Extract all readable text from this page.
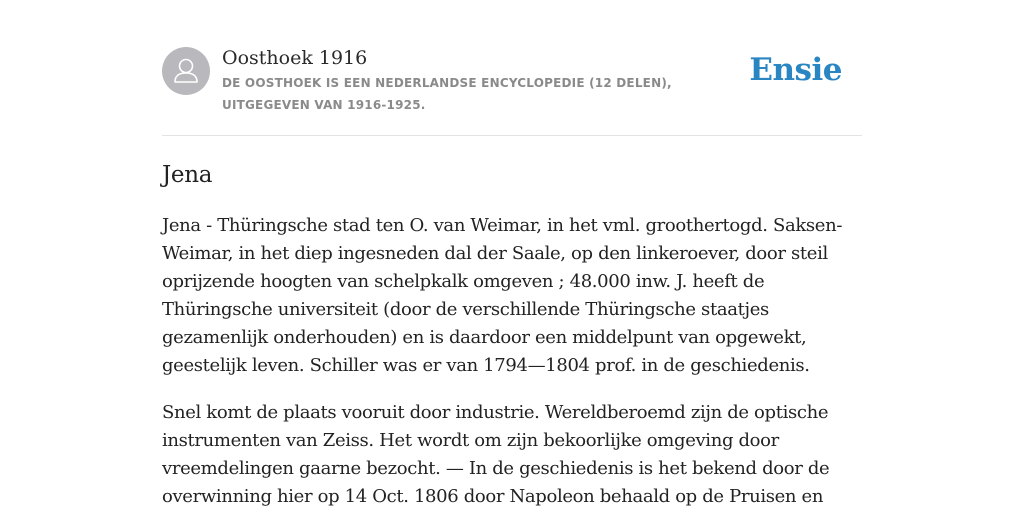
Oosthoek 1916
DE OOSTHOEK IS EEN NEDERLANDSE ENCYCLOPEDIE (12 DELEN), UITGEGEVEN VAN 1916-1925.
Ensie
Jena

Jena - Thüringsche stad ten O. van Weimar, in het vml. groothertogd. Saksen-Weimar, in het diep ingesneden dal der Saale, op den linkeroever, door steil oprijzende hoogten van schelpkalk omgeven ; 48.000 inw. J. heeft de Thüringsche universiteit (door de verschillende Thüringsche staatjes gezamenlijk onderhouden) en is daardoor een middelpunt van opgewekt, geestelijk leven. Schiller was er van 1794—1804 prof. in de geschiedenis.

Snel komt de plaats vooruit door industrie. Wereldberoemd zijn de optische instrumenten van Zeiss. Het wordt om zijn bekoorlijke omgeving door vreemdelingen gaarne bezocht. — In de geschiedenis is het bekend door de overwinning hier op 14 Oct. 1806 door Napoleon behaald op de Pruisen en
